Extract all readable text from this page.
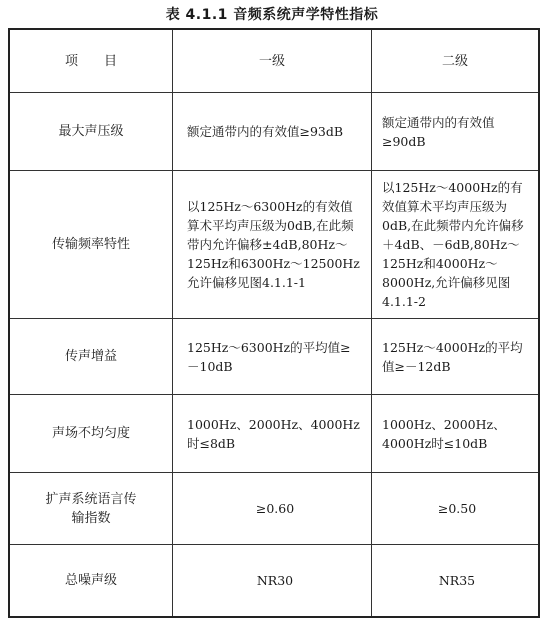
表 4.1.1 音频系统声学特性指标
项目	一级	二级
最大声压级	额定通带内的有效值≥93dB	额定通带内的有效值≥90dB
传输频率特性	以125Hz～6300Hz的有效值算术平均声压级为0dB,在此频带内允许偏移±4dB,80Hz～125Hz和6300Hz～12500Hz允许偏移见图4.1.1-1	以125Hz～4000Hz的有效值算术平均声压级为0dB,在此频带内允许偏移＋4dB、－6dB,80Hz～125Hz和4000Hz～8000Hz,允许偏移见图4.1.1-2
传声增益	125Hz～6300Hz的平均值≥－10dB	125Hz～4000Hz的平均值≥－12dB
声场不均匀度	1000Hz、2000Hz、4000Hz时≤8dB	1000Hz、2000Hz、4000Hz时≤10dB
扩声系统语言传输指数	≥0.60	≥0.50
总噪声级	NR30	NR35
